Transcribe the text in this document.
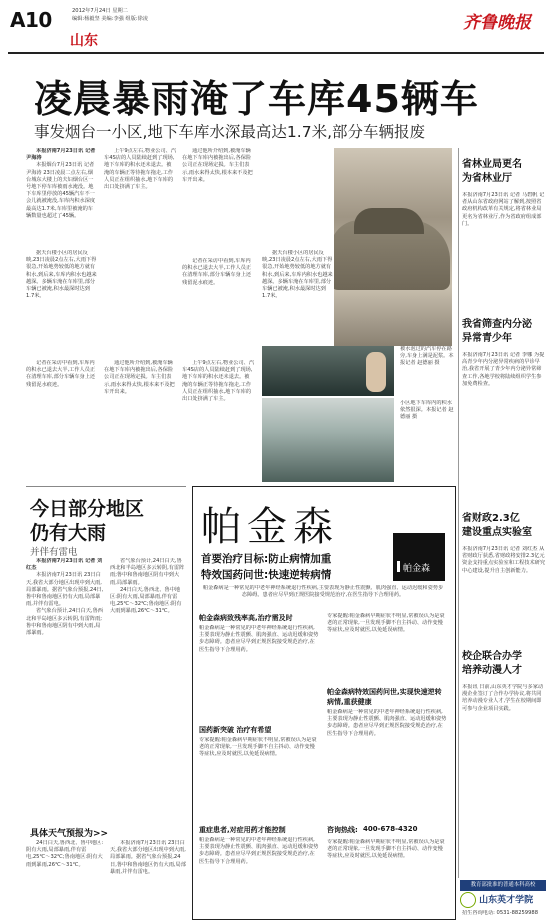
A10
山东
2012年7月24日 星期二
编辑:杨毅坚 美编:李强 组版:徐凌	齐鲁晚报
凌晨暴雨淹了车库45辆车
事发烟台一小区,地下车库水深最高达1.7米,部分车辆报废

本报济南7月23日讯 记者 尹海涛

本报烟台7月23日讯 记者 尹海涛 23日凌晨二点左右,烟台城东大楼上的夫妇烟台区一号地下停车库被雨水淹没。地下车库里停放的45辆汽车不一会儿就被淹没,车库内积水深度最高达1.7米,车库里被淹的车辆数量也超过了45辆。

据天台楼小区的居民反映,23日凌晨2点左右,大雨下得很急,开始地势较低的地方就有积水,到后来,车库内积水也越来越深。多辆车淹在车库里,部分车辆已被淹,积水最深时达到1.7米。

上午9点左右,物业公司、汽车4S店的人员陆续赶到了现场,地下车库的积水还未退去。被淹的车辆正等待拖车拖走,工作人员正在组织抽水,地下车库的出口处挤满了车主。

通过他所介绍到,被淹车辆在地下车库内被拖出后,各保险公司正在现场定损。车主们表示,雨水来得太快,根本来不及把车开出来。

记者在采访中看到,车库内的积水已退去大半,工作人员正在清理车库,部分车辆车身上还残留泥水痕迹。

据天台楼小区的居民反映,23日凌晨2点左右,大雨下得很急,开始地势较低的地方就有积水,到后来,车库内积水也越来越深。多辆车淹在车库里,部分车辆已被淹,积水最深时达到1.7米。

被水泡过的汽车停在路旁,车身上满是泥浆。本报记者 赵德丽 摄
小区地下车库内的积水依然很深。本报记者 赵德丽 摄

上午9点左右,物业公司、汽车4S店的人员陆续赶到了现场,地下车库的积水还未退去。被淹的车辆正等待拖车拖走,工作人员正在组织抽水,地下车库的出口处挤满了车主。

通过他所介绍到,被淹车辆在地下车库内被拖出后,各保险公司正在现场定损。车主们表示,雨水来得太快,根本来不及把车开出来。

记者在采访中看到,车库内的积水已退去大半,工作人员正在清理车库,部分车辆车身上还残留泥水痕迹。

省林业局更名
为省林业厅
本报济南7月23日讯 记者 马碧帆 记者从山东省政府网站了解到,按照省政府机构改革有关规定,将省林业局更名为省林业厅,作为省政府组成部门。
我省筛查内分泌
异常青少年
本报济南7月23日讯 记者 李娜 为提高青少年内分泌异常疾病的早诊早治,我省开展了青少年内分泌异常筛查工作,各地学校将陆续组织学生参加免费检查。
省财政2.3亿
建设重点实验室
本报济南7月23日讯 记者 刘红杰 从省财政厅获悉,省财政将安排2.3亿元资金支持重点实验室和工程技术研究中心建设,提升自主创新能力。
校企联合办学
培养动漫人才
本报讯 日前,山东英才学院与多家动漫企业签订了合作办学协议,将共同培养动漫专业人才,学生在校期间即可参与企业项目实践。
今日部分地区
仍有大雨
并伴有雷电

本报济南7月23日讯 记者 刘红杰

本报济南7月23日讯 23日白天,我省大部分地区出现中到大雨,局部暴雨。据省气象台预报,24日,鲁中和鲁南地区仍有大雨,局部暴雨,并伴有雷电。

省气象台预计,24日白天,鲁西北和半岛地区多云转阴,有雷阵雨;鲁中和鲁南地区阴有中到大雨,局部暴雨。

省气象台预计,24日白天,鲁西北和半岛地区多云转阴,有雷阵雨;鲁中和鲁南地区阴有中到大雨,局部暴雨。

24日白天,鲁西北、鲁中地区:阴有大雨,局部暴雨,伴有雷电,25℃～32℃;鲁南地区:阴有大雨到暴雨,26℃～31℃。

具体天气预报为>>

24日白天,鲁西北、鲁中地区:阴有大雨,局部暴雨,伴有雷电,25℃～32℃;鲁南地区:阴有大雨到暴雨,26℃～31℃。

本报济南7月23日讯 23日白天,我省大部分地区出现中到大雨,局部暴雨。据省气象台预报,24日,鲁中和鲁南地区仍有大雨,局部暴雨,并伴有雷电。

帕金森
帕金森
首要治疗目标:防止病情加重
特效国药问世:快速逆转病情
帕金森病是一种常见的中老年神经系统退行性疾病,主要表现为静止性震颤、肌肉强直、运动迟缓和姿势步态障碍。患者应尽早到正规医院接受规范治疗,在医生指导下合理用药。
帕金森病致残率高,治疗需及时
帕金森病是一种常见的中老年神经系统退行性疾病,主要表现为静止性震颤、肌肉强直、运动迟缓和姿势步态障碍。患者应尽早到正规医院接受规范治疗,在医生指导下合理用药。
国药新突破 治疗有希望
专家提醒:帕金森病早期症状不明显,常被误认为是衰老的正常现象,一旦发现手脚不自主抖动、动作变慢等症状,应及时就医,以免延误病情。
重症患者,对症用药才能控制
帕金森病是一种常见的中老年神经系统退行性疾病,主要表现为静止性震颤、肌肉强直、运动迟缓和姿势步态障碍。患者应尽早到正规医院接受规范治疗,在医生指导下合理用药。
专家提醒:帕金森病早期症状不明显,常被误认为是衰老的正常现象,一旦发现手脚不自主抖动、动作变慢等症状,应及时就医,以免延误病情。
帕金森病特效国药问世,实现快速逆转病情,重获健康
帕金森病是一种常见的中老年神经系统退行性疾病,主要表现为静止性震颤、肌肉强直、运动迟缓和姿势步态障碍。患者应尽早到正规医院接受规范治疗,在医生指导下合理用药。
咨询热线: 400-678-4320
专家提醒:帕金森病早期症状不明显,常被误认为是衰老的正常现象,一旦发现手脚不自主抖动、动作变慢等症状,应及时就医,以免延误病情。
教育部批准的普通本科高校
山东英才学院
招生咨询电话: 0531-88259988
